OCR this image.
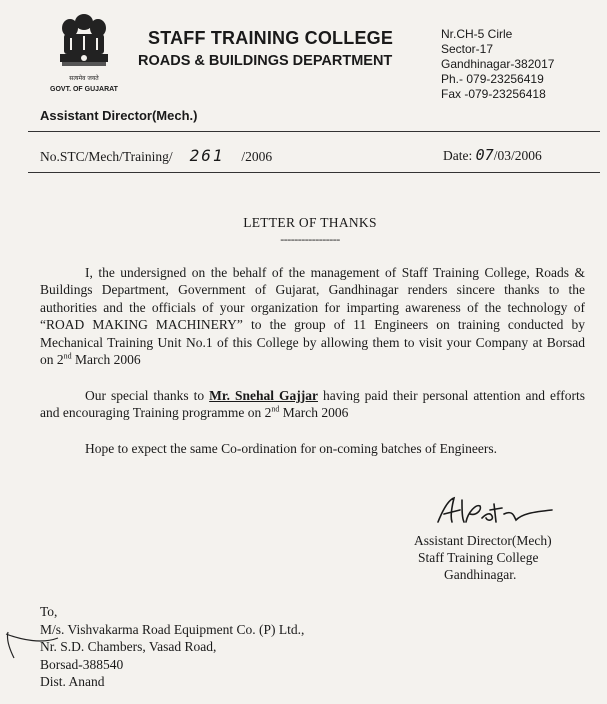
सत्यमेव जयते
GOVT. OF GUJARAT
STAFF TRAINING COLLEGE
ROADS & BUILDINGS DEPARTMENT
Nr.CH-5 Cirle
Sector-17
Gandhinagar-382017
Ph.- 079-23256419
Fax -079-23256418
Assistant Director(Mech.)
No.STC/Mech/Training/ 261 /2006	Date: 07/03/2006
LETTER OF THANKS
-----------------
I, the undersigned on the behalf of the management of Staff Training College, Roads & Buildings Department, Government of Gujarat, Gandhinagar renders sincere thanks to the authorities and the officials of your organization for imparting awareness of the technology of “ROAD MAKING MACHINERY” to the group of 11 Engineers on training conducted by Mechanical Training Unit No.1 of this College by allowing them to visit your Company at Borsad on 2nd March 2006
Our special thanks to Mr. Snehal Gajjar having paid their personal attention and efforts and encouraging Training programme on 2nd March 2006
Hope to expect the same Co-ordination for on-coming batches of Engineers.
Assistant Director(Mech)
Staff Training College
Gandhinagar.
To,
M/s. Vishvakarma Road Equipment Co. (P) Ltd.,
Nr. S.D. Chambers, Vasad Road,
Borsad-388540
Dist. Anand
